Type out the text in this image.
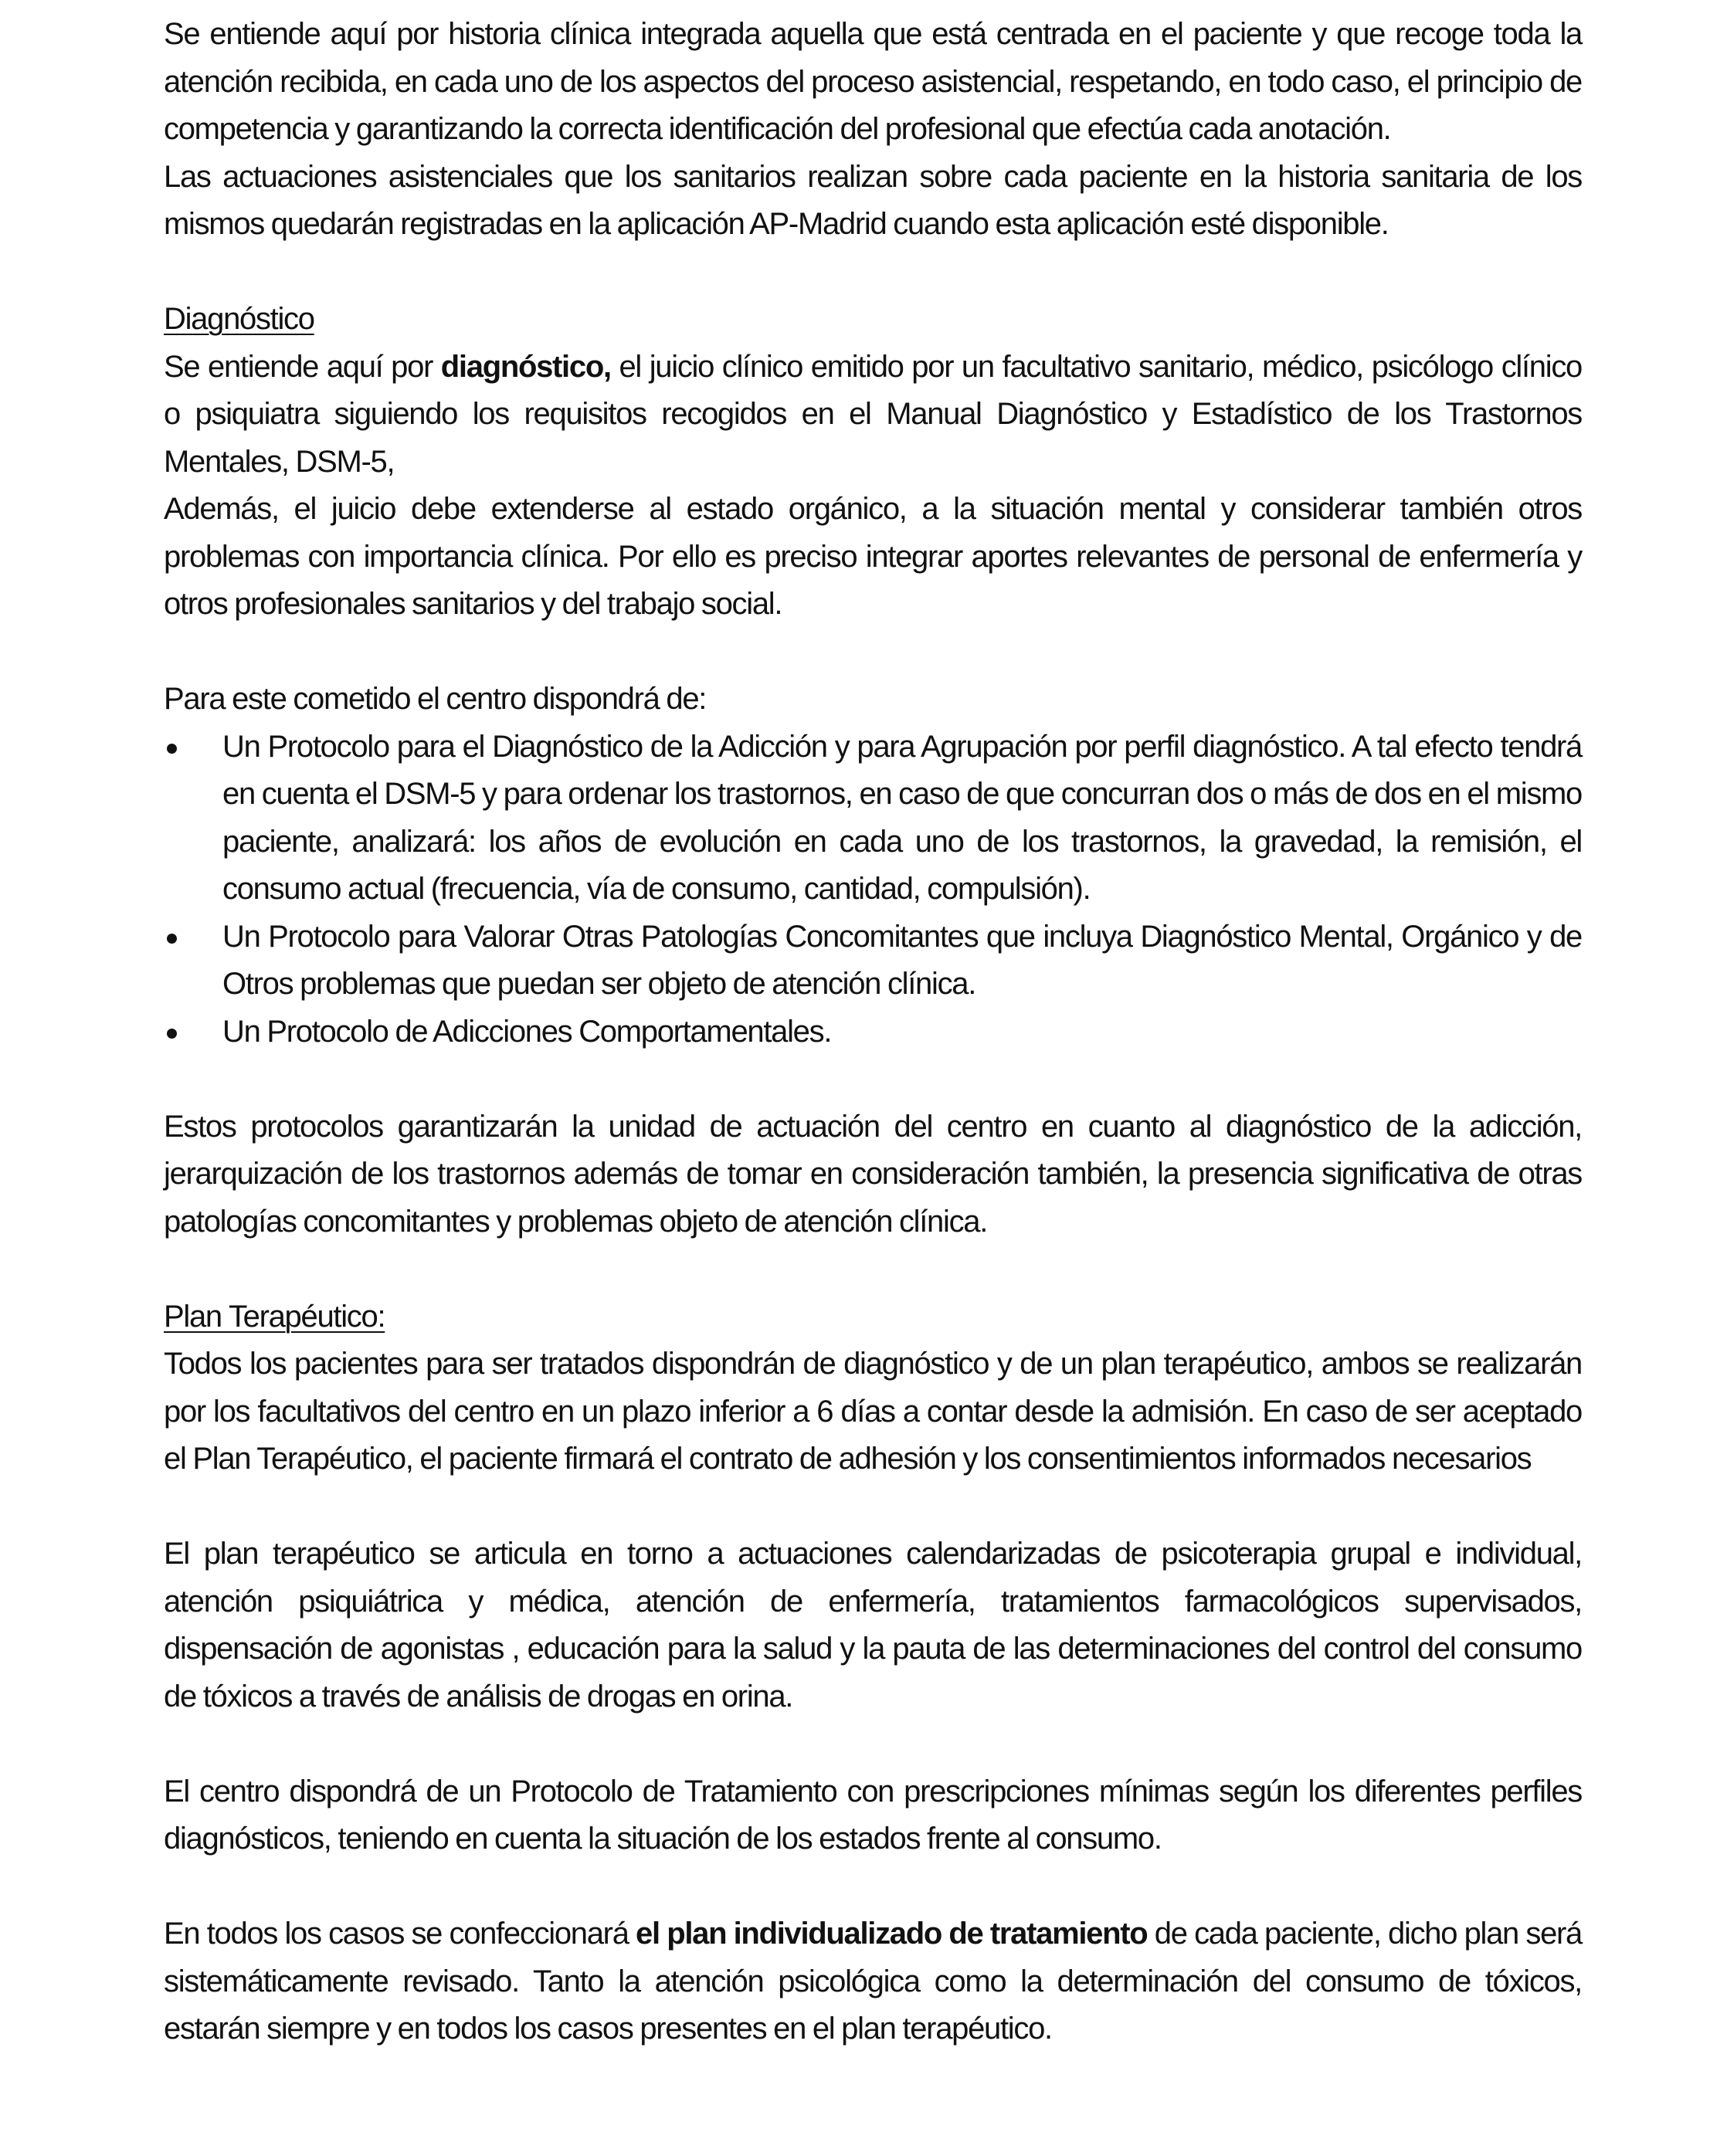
Se entiende aquí por historia clínica integrada aquella que está centrada en el paciente y que recoge toda la atención recibida, en cada uno de los aspectos del proceso asistencial, respetando, en todo caso, el principio de competencia y garantizando la correcta identificación del profesional que efectúa cada anotación.

Las actuaciones asistenciales que los sanitarios realizan sobre cada paciente en la historia sanitaria de los mismos quedarán registradas en la aplicación AP-Madrid cuando esta aplicación esté disponible.

Diagnóstico

Se entiende aquí por diagnóstico, el juicio clínico emitido por un facultativo sanitario, médico, psicólogo clínico o psiquiatra siguiendo los requisitos recogidos en el Manual Diagnóstico y Estadístico de los Trastornos Mentales, DSM-5,

Además, el juicio debe extenderse al estado orgánico, a la situación mental y considerar también otros problemas con importancia clínica. Por ello es preciso integrar aportes relevantes de personal de enfermería y otros profesionales sanitarios y del trabajo social.

Para este cometido el centro dispondrá de:

Un Protocolo para el Diagnóstico de la Adicción y para Agrupación por perfil diagnóstico. A tal efecto tendrá en cuenta el DSM-5 y para ordenar los trastornos, en caso de que concurran dos o más de dos en el mismo paciente, analizará: los años de evolución en cada uno de los trastornos, la gravedad, la remisión, el consumo actual (frecuencia, vía de consumo, cantidad, compulsión).
Un Protocolo para Valorar Otras Patologías Concomitantes que incluya Diagnóstico Mental, Orgánico y de Otros problemas que puedan ser objeto de atención clínica.
Un Protocolo de Adicciones Comportamentales.

Estos protocolos garantizarán la unidad de actuación del centro en cuanto al diagnóstico de la adicción, jerarquización de los trastornos además de tomar en consideración también, la presencia significativa de otras patologías concomitantes y problemas objeto de atención clínica.

Plan Terapéutico:

Todos los pacientes para ser tratados dispondrán de diagnóstico y de un plan terapéutico, ambos se realizarán por los facultativos del centro en un plazo inferior a 6 días a contar desde la admisión. En caso de ser aceptado el Plan Terapéutico, el paciente firmará el contrato de adhesión y los consentimientos informados necesarios

El plan terapéutico se articula en torno a actuaciones calendarizadas de psicoterapia grupal e individual, atención psiquiátrica y médica, atención de enfermería, tratamientos farmacológicos supervisados, dispensación de agonistas , educación para la salud y la pauta de las determinaciones del control del consumo de tóxicos a través de análisis de drogas en orina.

El centro dispondrá de un Protocolo de Tratamiento con prescripciones mínimas según los diferentes perfiles diagnósticos, teniendo en cuenta la situación de los estados frente al consumo.

En todos los casos se confeccionará el plan individualizado de tratamiento de cada paciente, dicho plan será sistemáticamente revisado. Tanto la atención psicológica como la determinación del consumo de tóxicos, estarán siempre y en todos los casos presentes en el plan terapéutico.
